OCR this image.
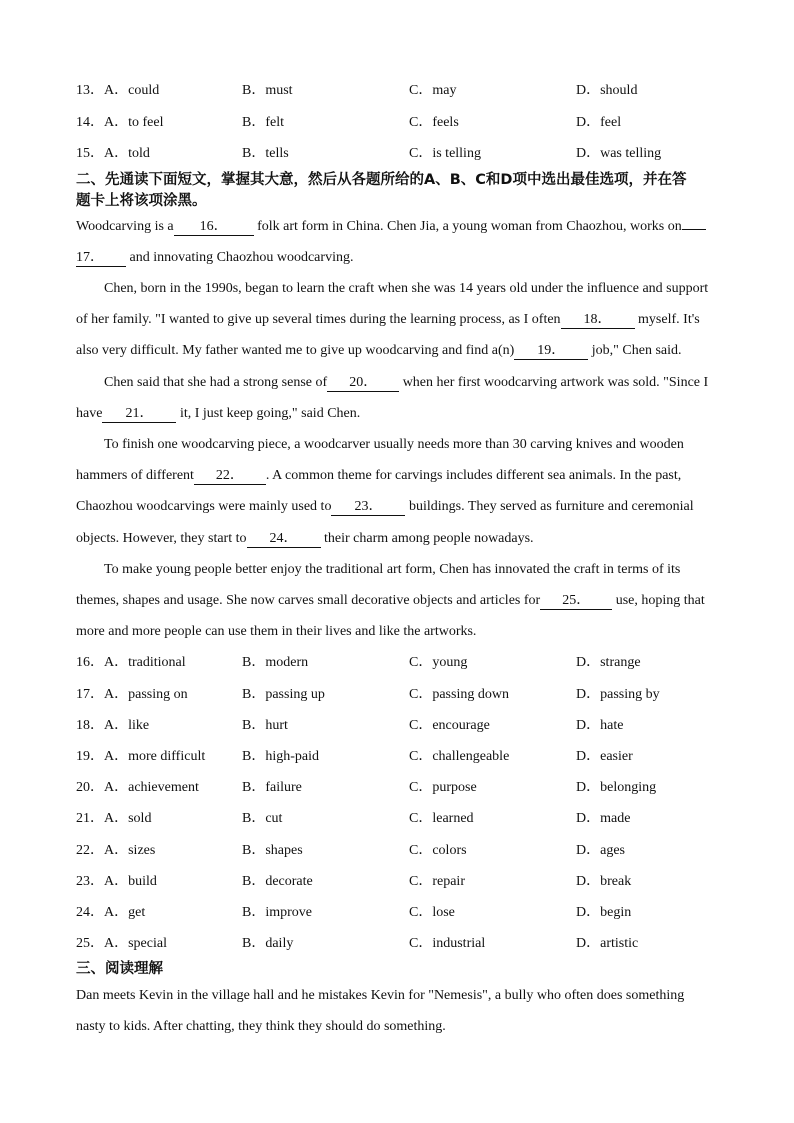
13．A．could	B．must	C．may	D．should
14．A．to feel	B．felt	C．feels	D．feel
15．A．told	B．tells	C．is telling	D．was telling
二、先通读下面短文，掌握其大意，然后从各题所给的A、B、C和D项中选出最佳选项，并在答
题卡上将该项涂黑。
Woodcarving is a 16． folk art form in China. Chen Jia, a young woman from Chaozhou, works on
17． and innovating Chaozhou woodcarving.
Chen, born in the 1990s, began to learn the craft when she was 14 years old under the influence and support
of her family. "I wanted to give up several times during the learning process, as I often 18． myself. It's
also very difficult. My father wanted me to give up woodcarving and find a(n) 19． job," Chen said.
Chen said that she had a strong sense of 20． when her first woodcarving artwork was sold. "Since I
have 21． it, I just keep going," said Chen.
To finish one woodcarving piece, a woodcarver usually needs more than 30 carving knives and wooden
hammers of different 22． . A common theme for carvings includes different sea animals. In the past,
Chaozhou woodcarvings were mainly used to 23． buildings. They served as furniture and ceremonial
objects. However, they start to 24． their charm among people nowadays.
To make young people better enjoy the traditional art form, Chen has innovated the craft in terms of its
themes, shapes and usage. She now carves small decorative objects and articles for 25． use, hoping that
more and more people can use them in their lives and like the artworks.
16．A．traditional	B．modern	C．young	D．strange
17．A．passing on	B．passing up	C．passing down	D．passing by
18．A．like	B．hurt	C．encourage	D．hate
19．A．more difficult	B．high-paid	C．challengeable	D．easier
20．A．achievement	B．failure	C．purpose	D．belonging
21．A．sold	B．cut	C．learned	D．made
22．A．sizes	B．shapes	C．colors	D．ages
23．A．build	B．decorate	C．repair	D．break
24．A．get	B．improve	C．lose	D．begin
25．A．special	B．daily	C．industrial	D．artistic
三、阅读理解
Dan meets Kevin in the village hall and he mistakes Kevin for "Nemesis", a bully who often does something
nasty to kids. After chatting, they think they should do something.
